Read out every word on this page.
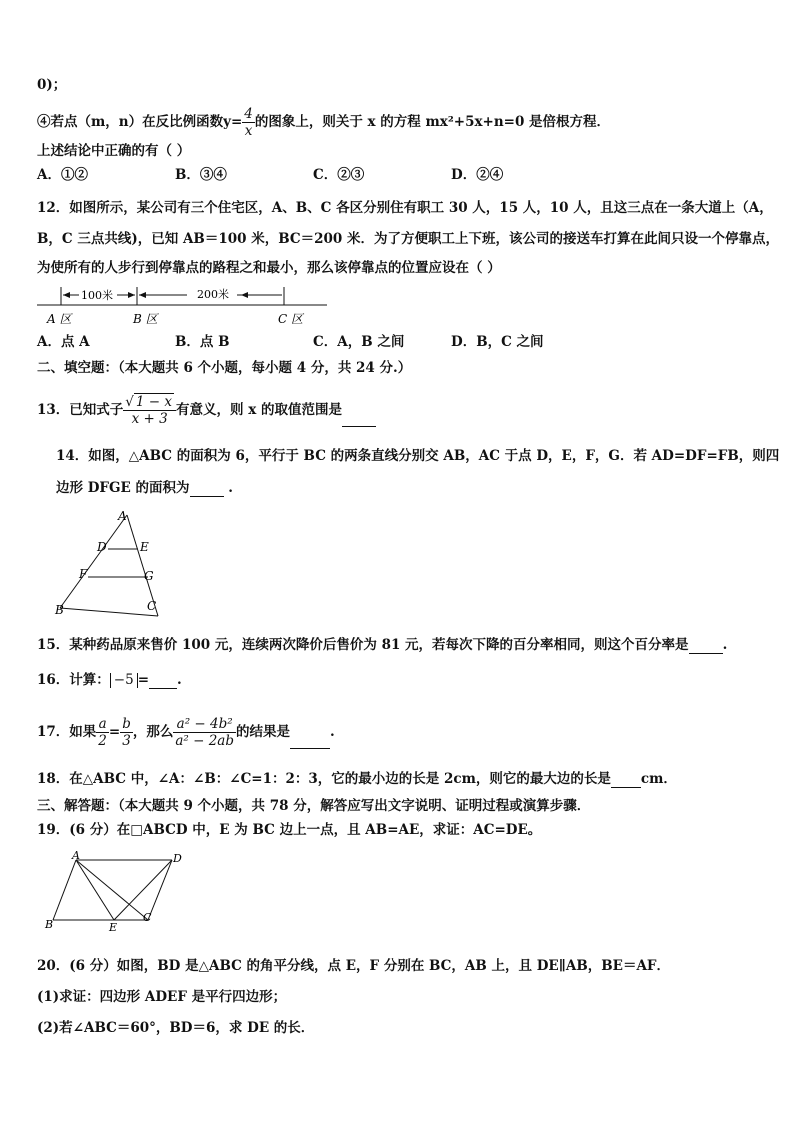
0)；
④若点（m，n）在反比例函数$y= \frac{4}{x}$ 的图象上，则关于 x 的方程 mx²+5x+n=0 是倍根方程．
上述结论中正确的有（ ）
A．①②	B．③④	C．②③	D．②④
12．如图所示，某公司有三个住宅区，A、B、C 各区分别住有职工 30 人，15 人，10 人，且这三点在一条大道上（A，
B，C 三点共线)，已知 AB＝100 米，BC＝200 米．为了方便职工上下班，该公司的接送车打算在此间只设一个停靠点，
为使所有的人步行到停靠点的路程之和最小，那么该停靠点的位置应设在（ ）
100米	200米
A 区	B 区	C 区
A．点 A	B．点 B	C．A，B 之间	D．B，C 之间
二、填空题：（本大题共 6 个小题，每小题 4 分，共 24 分.）
13．已知式子 $\frac{√ 1 - x}{x + 3}$ 有意义，则 x 的取值范围是
14．如图，△ABC 的面积为 6，平行于 BC 的两条直线分别交 AB，AC 于点 D，E，F，G．若 AD=DF=FB，则四
边形 DFGE 的面积为	.
A
D	E
F	G
B	C
15．某种药品原来售价 100 元，连续两次降价后售价为 81 元，若每次下降的百分率相同，则这个百分率是	.
16．计算： −5 = .
17．如果 $\frac{a}{2} = \frac{b}{3}$ ，那么 $\frac{\text{a² − 4b²}}{\text{a² − 2ab}}$ 的结果是	.
18．在△ABC 中，∠A：∠B：∠C=1：2：3，它的最小边的长是 2cm，则它的最大边的长是 cm．
三、解答题：（本大题共 9 个小题，共 78 分，解答应写出文字说明、证明过程或演算步骤．
19．(6 分）在□ABCD 中，E 为 BC 边上一点，且 AB=AE，求证：AC=DE。
A	D
B	E
C
20．(6 分）如图，BD 是△ABC 的角平分线，点 E，F 分别在 BC，AB 上，且 DE∥AB，BE＝AF．
(1)求证：四边形 ADEF 是平行四边形；
(2)若∠ABC＝60°，BD＝6，求 DE 的长．
